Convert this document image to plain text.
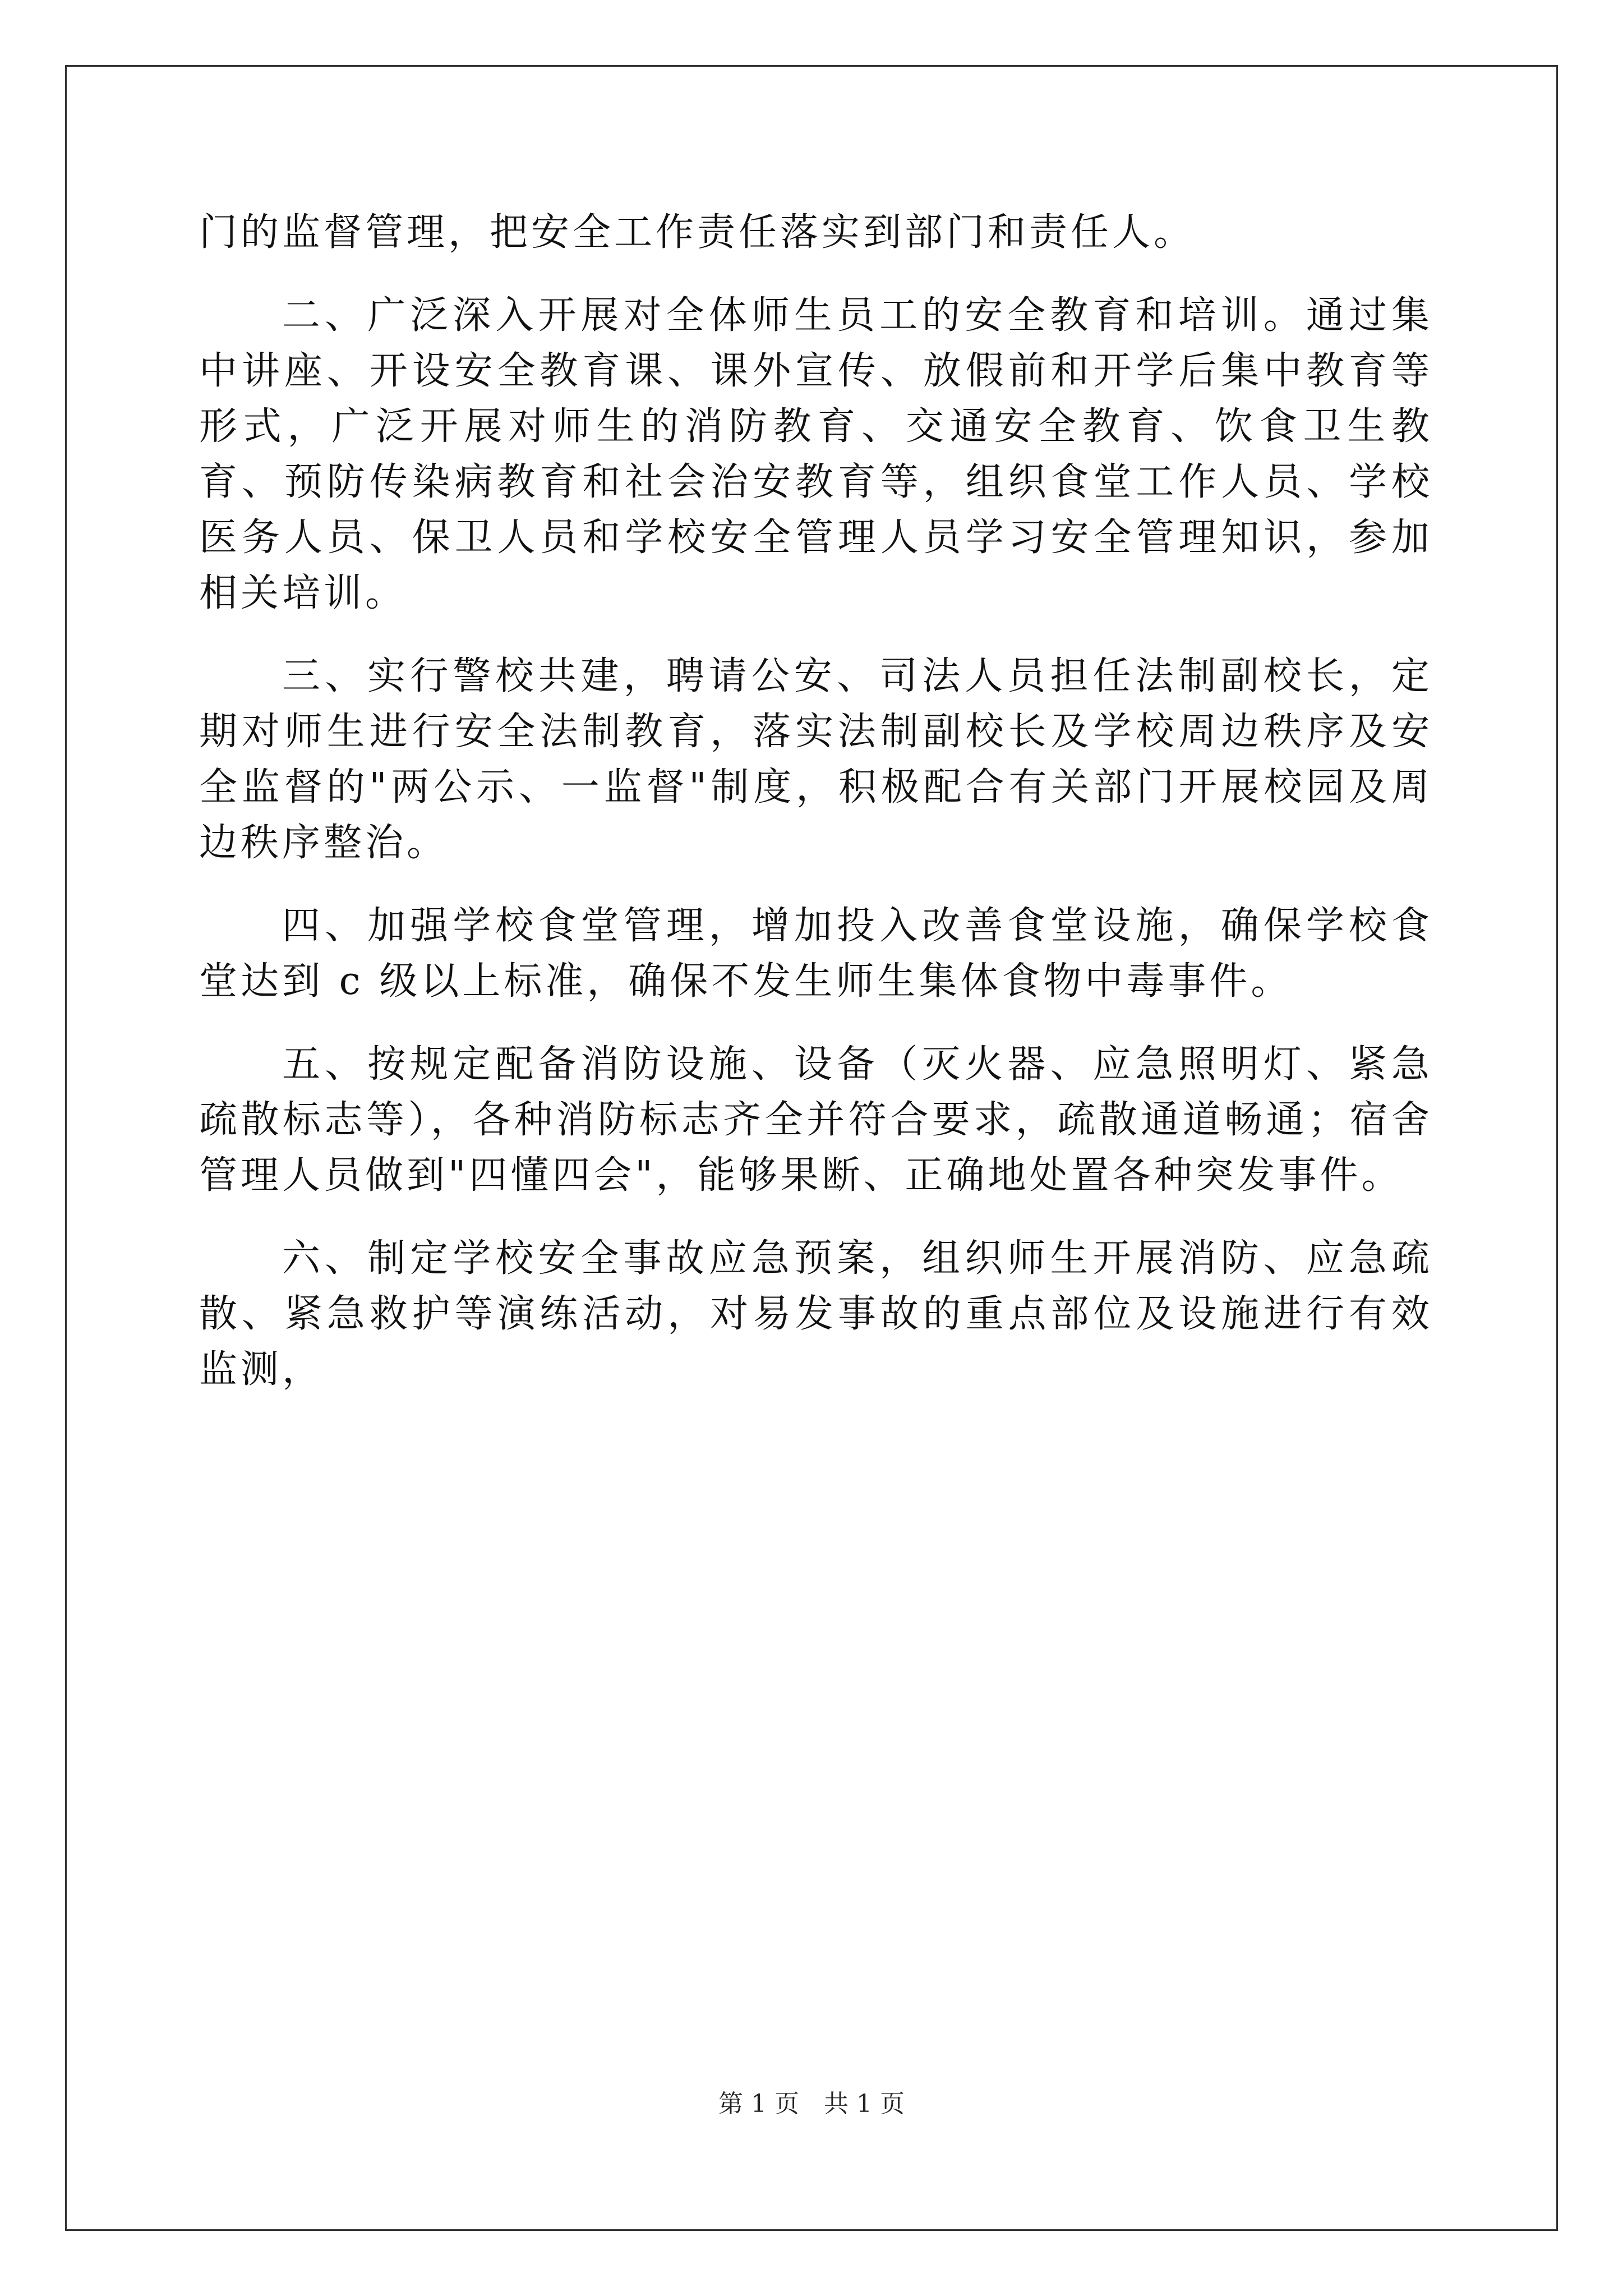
门的监督管理，把安全工作责任落实到部门和责任人。

二、广泛深入开展对全体师生员工的安全教育和培训。通过集中讲座、开设安全教育课、课外宣传、放假前和开学后集中教育等形式，广泛开展对师生的消防教育、交通安全教育、饮食卫生教育、预防传染病教育和社会治安教育等，组织食堂工作人员、学校医务人员、保卫人员和学校安全管理人员学习安全管理知识，参加相关培训。

三、实行警校共建，聘请公安、司法人员担任法制副校长，定期对师生进行安全法制教育，落实法制副校长及学校周边秩序及安全监督的"两公示、一监督"制度，积极配合有关部门开展校园及周边秩序整治。

四、加强学校食堂管理，增加投入改善食堂设施，确保学校食堂达到 c 级以上标准，确保不发生师生集体食物中毒事件。

五、按规定配备消防设施、设备（灭火器、应急照明灯、紧急疏散标志等），各种消防标志齐全并符合要求，疏散通道畅通；宿舍管理人员做到"四懂四会"，能够果断、正确地处置各种突发事件。

六、制定学校安全事故应急预案，组织师生开展消防、应急疏散、紧急救护等演练活动，对易发事故的重点部位及设施进行有效监测，

第 1 页 共 1 页
